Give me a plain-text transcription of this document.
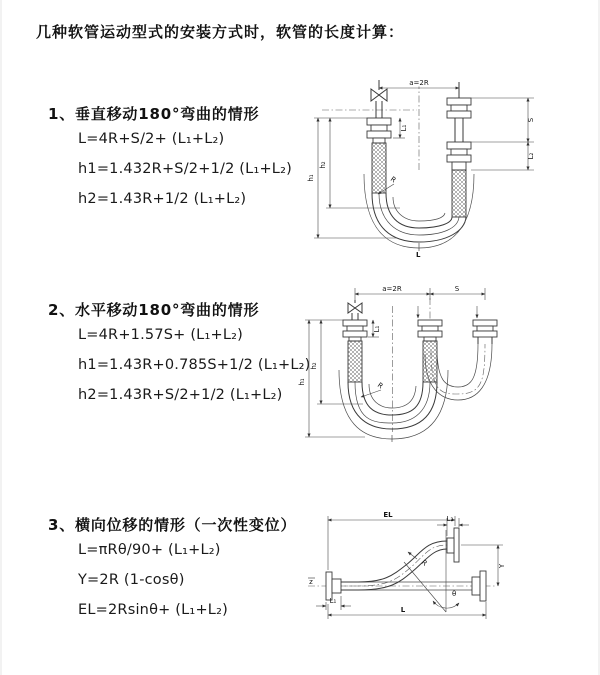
几种软管运动型式的安装方式时，软管的长度计算：
1、垂直移动180°弯曲的情形
L=4R+S/2+ (L₁+L₂)
h1=1.432R+S/2+1/2 (L₁+L₂)
h2=1.43R+1/2 (L₁+L₂)
a=2R
S
L₂
h₁
h₂
L₁
R
L
2、水平移动180°弯曲的情形
L=4R+1.57S+ (L₁+L₂)
h1=1.43R+0.785S+1/2 (L₁+L₂)
h2=1.43R+S/2+1/2 (L₁+L₂)
a=2R	S
h₁
h₂
L₁
R
3、横向位移的情形（一次性变位）
L=πRθ/90+ (L₁+L₂)
Y=2R (1-cosθ)
EL=2Rsinθ+ (L₁+L₂)
z
EL	L₂
θ
R	Y
L
L₁
